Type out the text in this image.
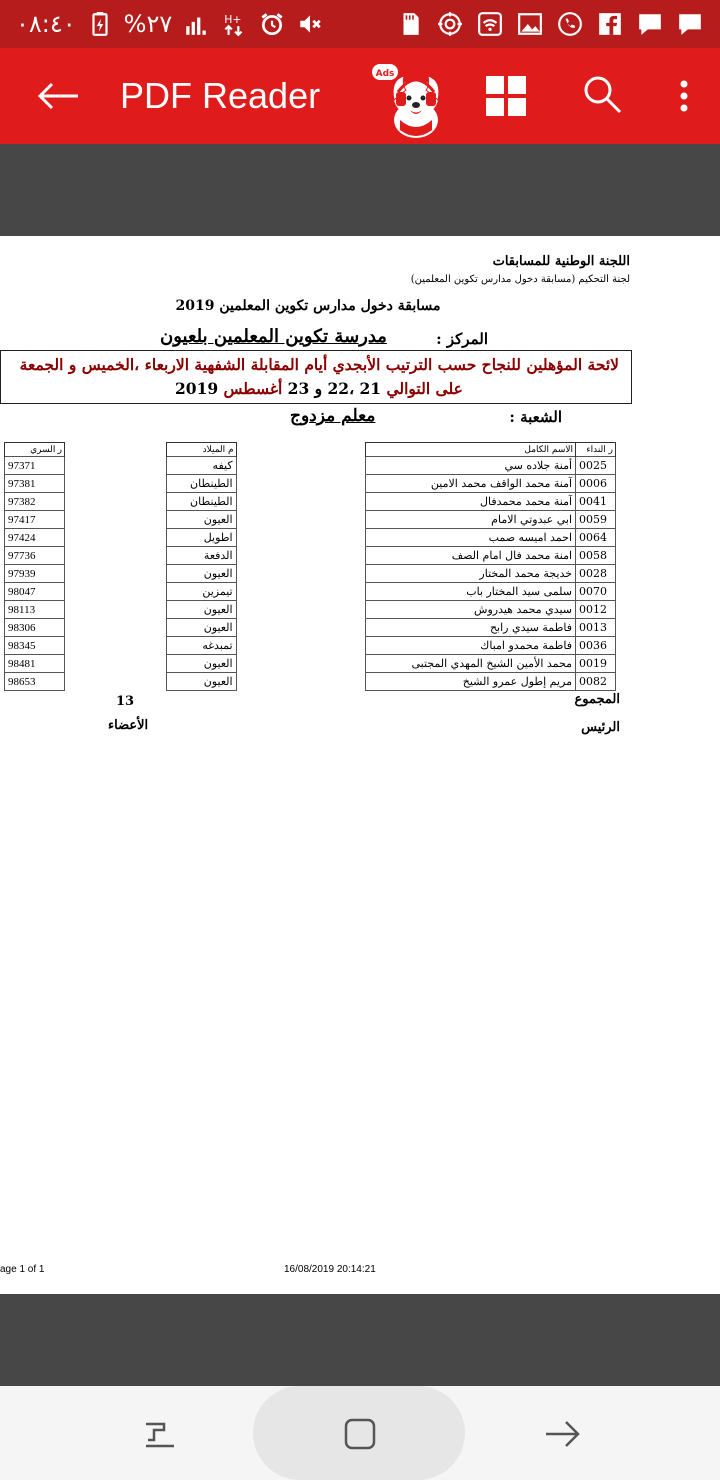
٠٨:٤٠ %٢٧	H+
PDF Reader
Ads
اللجنة الوطنية للمسابقات
لجنة التحكيم (مسابقة دخول مدارس تكوين المعلمين)
مسابقة دخول مدارس تكوين المعلمين 2019
المركز :
مدرسة تكوين المعلمين بلعيون
لائحة المؤهلين للنجاح حسب الترتيب الأبجدي أيام المقابلة الشفهية الاربعاء ،الخميس و الجمعة
على التوالي 21 ،22 و 23 أغسطس 2019
الشعبة :
معلم مزدوج
ر النداء	الاسم الكامل		م الميلاد		ر السري
0025	أمنة جلاده سي		كيفه		97371
0006	آمنة محمد الواقف محمد الامين		الطينطان		97381
0041	آمنة محمد محمدفال		الطينطان		97382
0059	ابي عبدوتي الامام		العيون		97417
0064	احمد اميسه صمب		اطويل		97424
0058	امنة محمد فال امام الصف		الدفعة		97736
0028	خديجة محمد المختار		العيون		97939
0070	سلمى سيد المختار باب		تيمزين		98047
0012	سيدي محمد هيدروش		العيون		98113
0013	فاطمة سيدي رابح		العيون		98306
0036	فاطمة محمدو امباك		تمبدغه		98345
0019	محمد الأمين الشيخ المهدي المجتبى		العيون		98481
0082	مريم إطول عمرو الشيخ		العيون		98653
المجموع
13
الرئيس
الأعضاء
age 1 of 1	16/08/2019 20:14:21
